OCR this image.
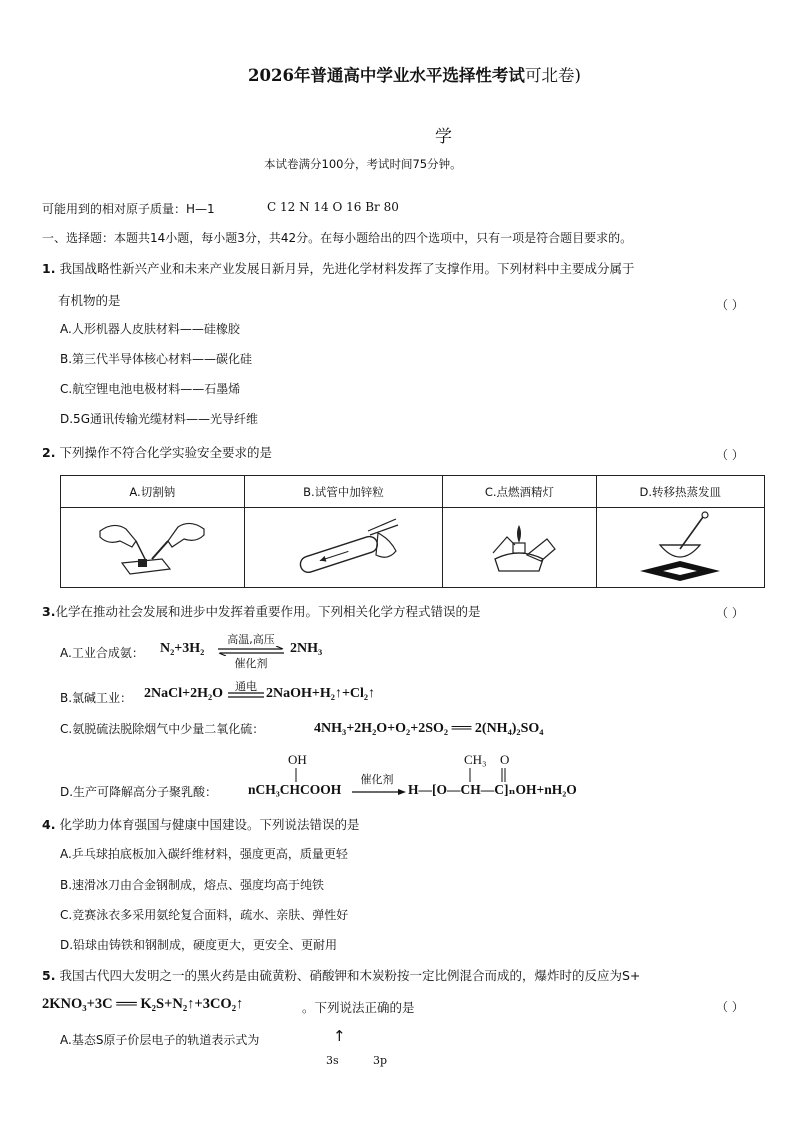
2026年普通高中学业水平选择性考试可北卷)
学
本试卷满分100分，考试时间75分钟。
可能用到的相对原子质量：H—1	C 12 N 14 O 16 Br 80
一、选择题：本题共14小题，每小题3分，共42分。在每小题给出的四个选项中，只有一项是符合题目要求的。
1. 我国战略性新兴产业和未来产业发展日新月异，先进化学材料发挥了支撑作用。下列材料中主要成分属于
有机物的是	（ ）
A.人形机器人皮肤材料——硅橡胶
B.第三代半导体核心材料——碳化硅
C.航空锂电池电极材料——石墨烯
D.5G通讯传输光缆材料——光导纤维
2. 下列操作不符合化学实验安全要求的是	（ ）
A.切割钠	B.试管中加锌粒	C.点燃酒精灯	D.转移热蒸发皿

3.化学在推动社会发展和进步中发挥着重要作用。下列相关化学方程式错误的是	（ ）
A.工业合成氨： N₂+3H₂
高温,高压
催化剂
2NH₃
B.氯碱工业： 2NaCl+2H₂O	通电 2NaOH+H₂↑+Cl₂↑
C.氨脱硫法脱除烟气中少量二氧化硫：	4NH₃+2H₂O+O₂+2SO₂ ══ 2(NH₄)₂SO₄
OH
D.生产可降解高分子聚乳酸： nCH₃CHCOOH
催化剂
CH₃ O
H—[O—CH—C]ₙOH+nH₂O
4. 化学助力体育强国与健康中国建设。下列说法错误的是
A.乒乓球拍底板加入碳纤维材料，强度更高，质量更轻
B.速滑冰刀由合金钢制成，熔点、强度均高于纯铁
C.竞赛泳衣多采用氨纶复合面料，疏水、亲肤、弹性好
D.铅球由铸铁和钢制成，硬度更大，更安全、更耐用
5. 我国古代四大发明之一的黑火药是由硫黄粉、硝酸钾和木炭粉按一定比例混合而成的，爆炸时的反应为S+
2KNO₃+3C ══ K₂S+N₂↑+3CO₂↑	。下列说法正确的是	（ ）
A.基态S原子价层电子的轨道表示式为	↑
3s	3p
